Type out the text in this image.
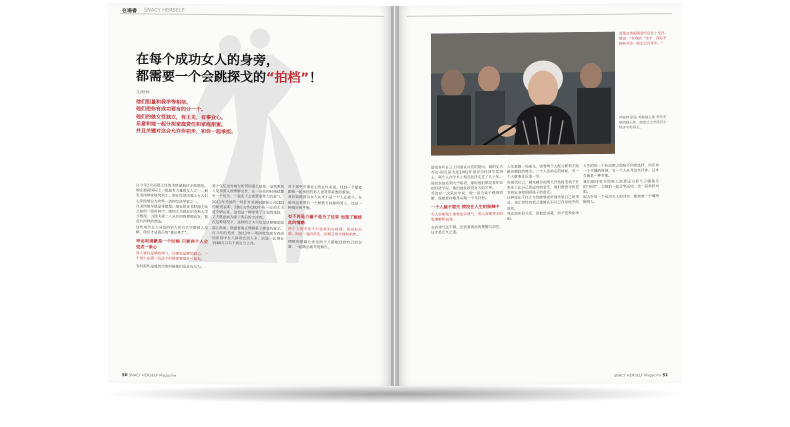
在場書 SNACY HERSELF
在每个成功女人的身旁，
都需要一个会跳探戈的“拍档”！
文/耿林
他们胆量和我学等相信。
他们把你有成功要有的分一个。
他们的做女性独立，有主见，有事业心。
乐意和她一起分担家庭责任和家庭甜蜜。
并且关键对这会允许你初步，和你一起承担。
在今年2月初那上任的美联储新任主席耶伦。她在最初国际上一批最有力量的女人之一，拥有美国国家研究院士。她在经济决策上在人们心里面地位为世界一流的经济学家之一。
在美国最早就是哥德堡。她在担任美联储主席之前的一段时间中，她的丈夫就在伯克利大学当教授，当他夫妻二人从共同的理想出发，彼此有同样的想法。
这些成功女人身边的男人所有名字都被人忽略，他们才是真正的“幕后推手”。
幸运和道歉是一个时候 只要两个人会变成一条心
男人要有足够的勇气，还要有足够的耐心，一个男人在那一边这个时候需要留步一起走。
有时那些是最成功的时候他们也会有压力。
要不仅仅是对她有所帮助那么简单，这需要男人更加深入地理解女性，在一开始的时候就要有一个信念，一起走下去需要非常大的勇气。
2011年美国的一项针对美国500强公司CEO的研究表明，28位女性CEO中有一位的丈夫是全职在家，这更是一种非常了不起的选择，丈夫愿意成为妻子背后的支持者。
在这种情况下，这样的丈夫不仅仅是照顾家庭那么简单，他需要真正理解妻子事业的意义。
在今年的美国，2013年一项研究发现有四成的家庭中女人挣得比男人多，而这一比例在1960年只有不到百分之四。
对于那些有事业心的女性来说，找到一个愿意跟她一起承担的男人是非常重要的事情。
我们知道成功女人从来不是一个人在战斗，在她身边常常有一个默默支持她的男人，这是一种很好的平衡。
有不再是力量不是为了包容 而是了解彼此的情感
两个人的关系不只是谁站在前面，谁站在后面，而是一起向前走，是相互的支撑和陪伴。
理想的婚姻应该是两个人都能找到自己的位置，一起跳出最美的舞步。
50 SNACY HERSELF Magazine
耶伦在美国国会听证会上发言。她说：“在我的一生中，我有幸能和乔治一起走过许多年。”
珍妮特·耶伦 美联储主席 曾任美联储副主席，她的丈夫是诺贝尔经济学奖得主。
耶伦在听证会上回答议员们的提问，她的丈夫乔治·阿克洛夫是2001年诺贝尔经济学奖得主，两个人在学术上相互扶持走过了几十年。
他们在伯克利大学相识，那时他们都还是年轻的经济学家，他们彼此欣赏对方的才华。
乔治在一次采访中说，他一直为妻子感到骄傲，他愿意在她身后做一个支持者。
一个人就不要失 情投在人生的独舞中
女人在职场上需要更多勇气，男人需要更多的是理解和包容。
光有勇气还不够，还需要彼此的理解与信任，这才是长久之道。
人生就像一场探戈，需要两个人配合默契才能跳出精彩的舞步。一个人往前走的时候，另一个人就要往后退一步。
在现代社会，越来越多的男人开始接受妻子在事业上比自己更成功的事实，他们愿意分担更多的家务和照顾孩子的责任。
这种变化不仅让女性能够更好地发展自己的事业，也让男性有机会重新认识自己在家庭中的角色。
真正的伴侣关系，是彼此成就，而不是彼此牵制。
人生的每一个阶段都会面临不同的选择，而在每一个关键的时刻，有一个人在身边支持你，这本身就是一种幸福。
我们期待更多的男人愿意成为那个会跳探戈的“拍档”，与她们一起分享成功，也一起承担风雨。
因为在每一个成功女人的身旁，都需要一个懂得她的人。
SNACY HERSELF Magazine 51
